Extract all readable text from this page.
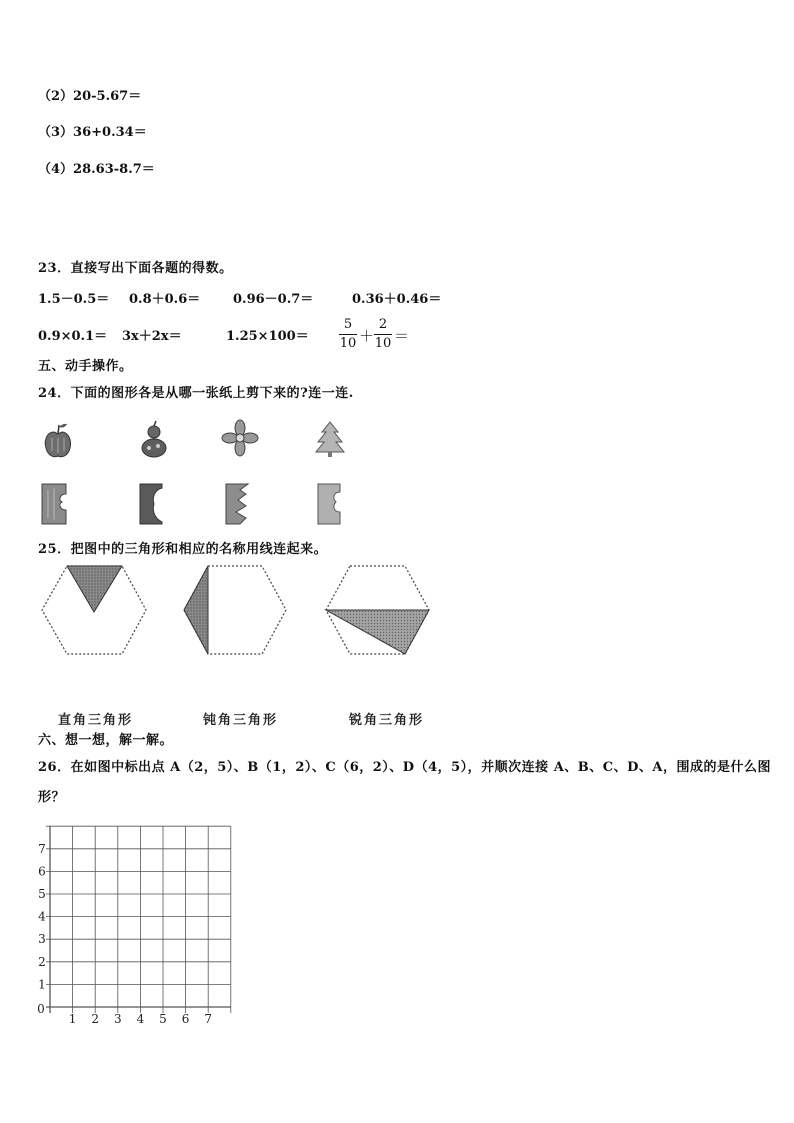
（2）20-5.67＝
（3）36+0.34＝
（4）28.63-8.7＝
23．直接写出下面各题的得数。
1.5－0.5＝ 0.8＋0.6＝	0.96－0.7＝	0.36＋0.46＝
0.9×0.1＝ 3x＋2x＝	1.25×100＝
5
10 ＋
2
10 ＝
五、动手操作。
24．下面的图形各是从哪一张纸上剪下来的?连一连.
25．把图中的三角形和相应的名称用线连起来。
直角三角形	钝角三角形	锐角三角形
六、想一想，解一解。
26．在如图中标出点 A（2，5）、B（1，2）、C（6，2）、D（4，5），并顺次连接 A、B、C、D、A，围成的是什么图
形？
1 2 3 4 5 6 7
1
2
3
4
5
6
7
0
